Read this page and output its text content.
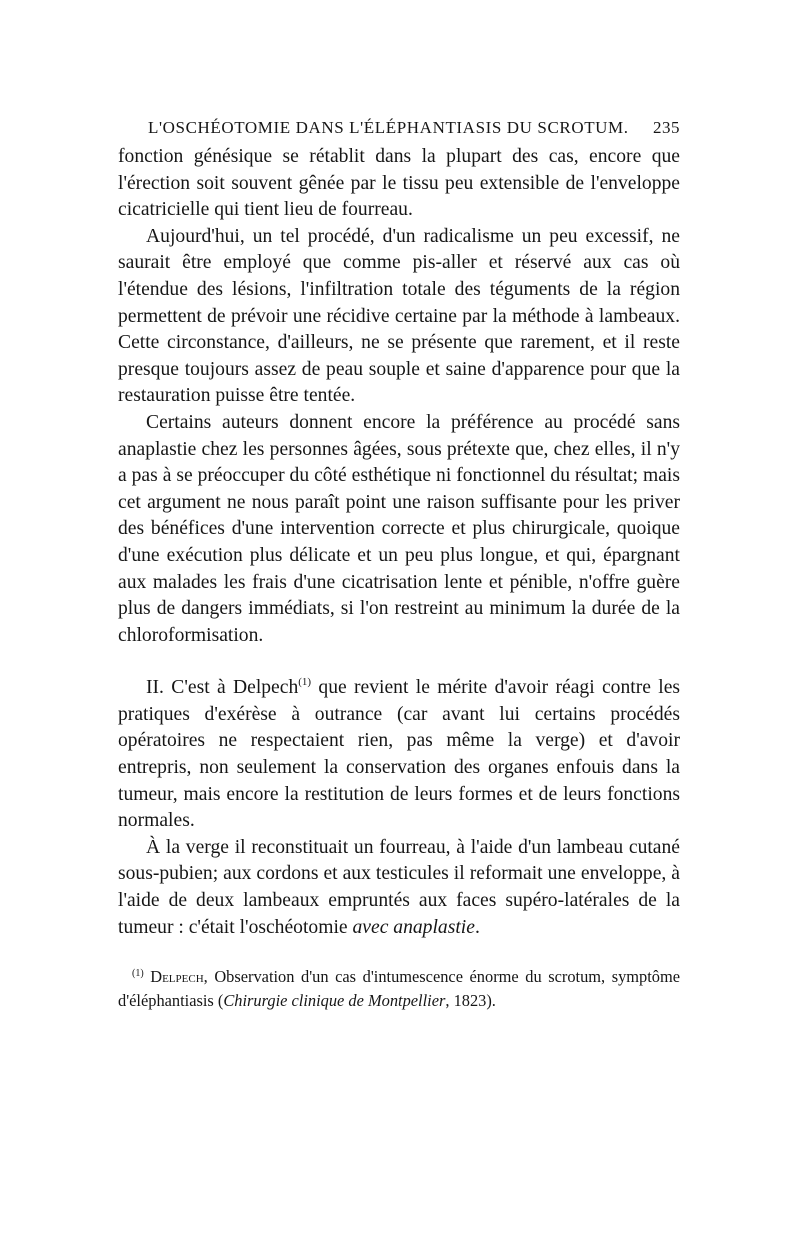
L'OSCHÉOTOMIE DANS L'ÉLÉPHANTIASIS DU SCROTUM. 235

fonction génésique se rétablit dans la plupart des cas, encore que l'érection soit souvent gênée par le tissu peu extensible de l'enveloppe cicatricielle qui tient lieu de fourreau.

Aujourd'hui, un tel procédé, d'un radicalisme un peu excessif, ne saurait être employé que comme pis-aller et réservé aux cas où l'étendue des lésions, l'infiltration totale des téguments de la région permettent de prévoir une récidive certaine par la méthode à lambeaux. Cette circonstance, d'ailleurs, ne se présente que rarement, et il reste presque toujours assez de peau souple et saine d'apparence pour que la restauration puisse être tentée.

Certains auteurs donnent encore la préférence au procédé sans anaplastie chez les personnes âgées, sous prétexte que, chez elles, il n'y a pas à se préoccuper du côté esthétique ni fonctionnel du résultat; mais cet argument ne nous paraît point une raison suffisante pour les priver des bénéfices d'une intervention correcte et plus chirurgicale, quoique d'une exécution plus délicate et un peu plus longue, et qui, épargnant aux malades les frais d'une cicatrisation lente et pénible, n'offre guère plus de dangers immédiats, si l'on restreint au minimum la durée de la chloroformisation.

II. C'est à Delpech$^{(1)}$ que revient le mérite d'avoir réagi contre les pratiques d'exérèse à outrance (car avant lui certains procédés opératoires ne respectaient rien, pas même la verge) et d'avoir entrepris, non seulement la conservation des organes enfouis dans la tumeur, mais encore la restitution de leurs formes et de leurs fonctions normales.

À la verge il reconstituait un fourreau, à l'aide d'un lambeau cutané sous-pubien; aux cordons et aux testicules il reformait une enveloppe, à l'aide de deux lambeaux empruntés aux faces supéro-latérales de la tumeur : c'était l'oschéotomie avec anaplastie.

$^{(1)}$ Delpech, Observation d'un cas d'intumescence énorme du scrotum, symptôme d'éléphantiasis (Chirurgie clinique de Montpellier, 1823).
